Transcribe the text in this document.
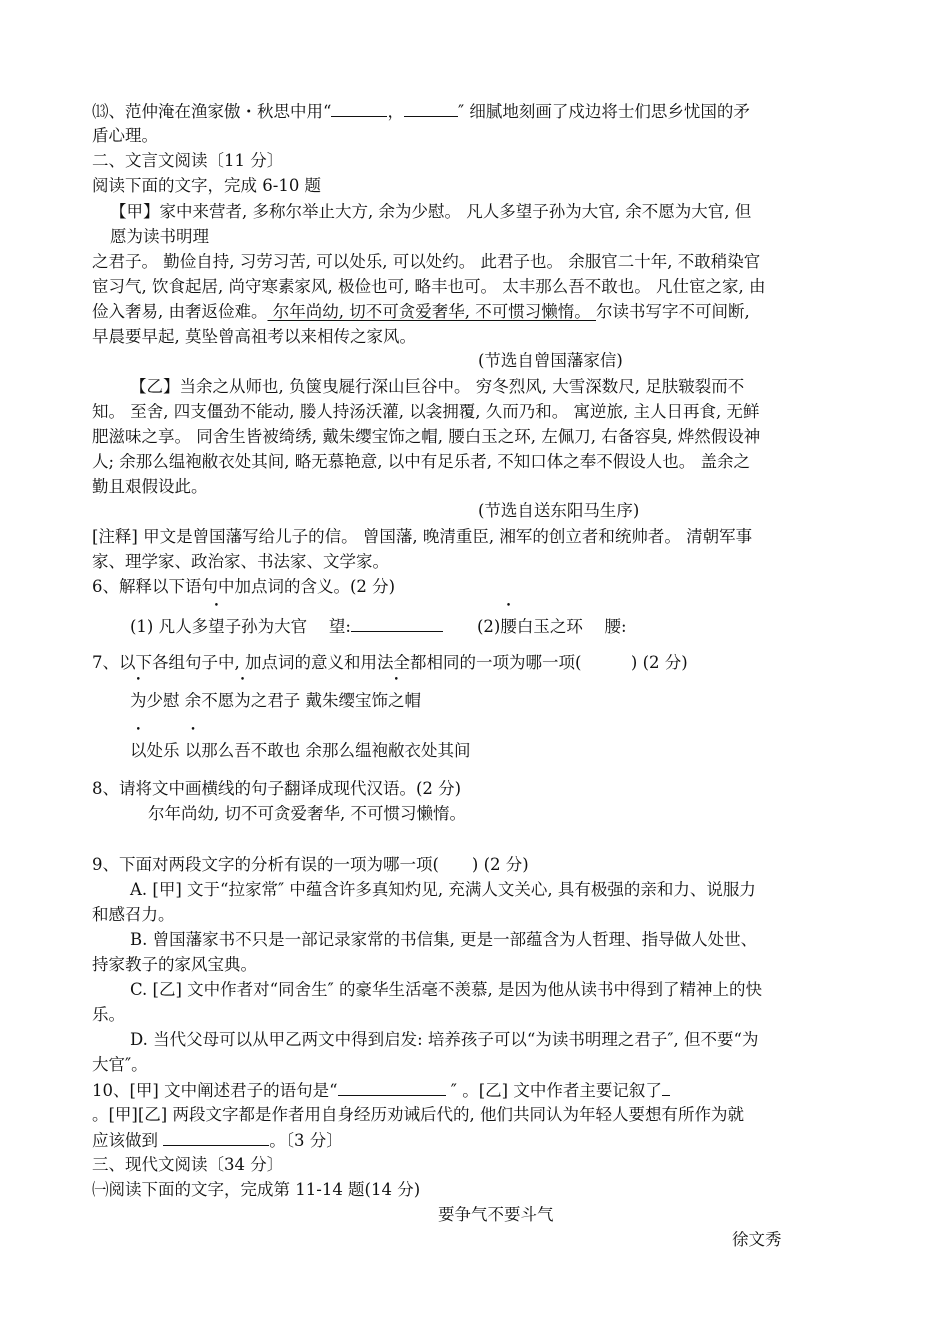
⒀、范仲淹在渔家傲・秋思中用“	，	″ 细腻地刻画了戍边将士们思乡忧国的矛
盾心理。
二、文言文阅读〔11 分〕
阅读下面的文字，完成 6-10 题
【甲】家中来营者, 多称尔举止大方, 余为少慰。 凡人多望子孙为大官, 余不愿为大官, 但
愿为读书明理
之君子。 勤俭自持, 习劳习苦, 可以处乐, 可以处约。 此君子也。 余服官二十年, 不敢稍染官
宦习气, 饮食起居, 尚守寒素家风, 极俭也可, 略丰也可。 太丰那么吾不敢也。 凡仕宦之家, 由
俭入奢易, 由奢返俭难。 尔年尚幼, 切不可贪爱奢华, 不可惯习懒惰。 尔读书写字不可间断,
早晨要早起, 莫坠曾高祖考以来相传之家风。
(节选自曾国藩家信)
【乙】当余之从师也, 负箧曳屣行深山巨谷中。 穷冬烈风, 大雪深数尺, 足肤皲裂而不
知。 至舍, 四支僵劲不能动, 媵人持汤沃灌, 以衾拥覆, 久而乃和。 寓逆旅, 主人日再食, 无鲜
肥滋味之享。 同舍生皆被绮绣, 戴朱缨宝饰之帽, 腰白玉之环, 左佩刀, 右备容臭, 烨然假设神
人; 余那么缊袍敝衣处其间, 略无慕艳意, 以中有足乐者, 不知口体之奉不假设人也。 盖余之
勤且艰假设此。
(节选自送东阳马生序)
[注释] 甲文是曾国藩写给儿子的信。 曾国藩, 晚清重臣, 湘军的创立者和统帅者。 清朝军事
家、理学家、政治家、书法家、文学家。
6、解释以下语句中加点词的含义。(2 分)
(1) 凡人多望子孙为大官　 望:	(2)腰白玉之环　 腰:
7、以下各组句子中, 加点词的意义和用法全都相同的一项为哪一项(　　　) (2 分)
为少慰 余不愿为之君子 戴朱缨宝饰之帽
以处乐 以那么吾不敢也 余那么缊袍敝衣处其间
8、请将文中画横线的句子翻译成现代汉语。(2 分)
尔年尚幼, 切不可贪爱奢华, 不可惯习懒惰。
9、下面对两段文字的分析有误的一项为哪一项(　　) (2 分)
A. [甲] 文于“拉家常″ 中蕴含许多真知灼见, 充满人文关心, 具有极强的亲和力、说服力
和感召力。
B. 曾国藩家书不只是一部记录家常的书信集, 更是一部蕴含为人哲理、指导做人处世、
持家教子的家风宝典。
C. [乙] 文中作者对“同舍生″ 的豪华生活毫不羡慕, 是因为他从读书中得到了精神上的快
乐。
D. 当代父母可以从甲乙两文中得到启发: 培养孩子可以“为读书明理之君子″, 但不要“为
大官″。
10、[甲] 文中阐述君子的语句是“	″ 。[乙] 文中作者主要记叙了
。[甲][乙] 两段文字都是作者用自身经历劝诫后代的, 他们共同认为年轻人要想有所作为就
应该做到	。〔3 分〕
三、现代文阅读〔34 分〕
㈠阅读下面的文字，完成第 11-14 题(14 分)
要争气不要斗气
徐文秀
